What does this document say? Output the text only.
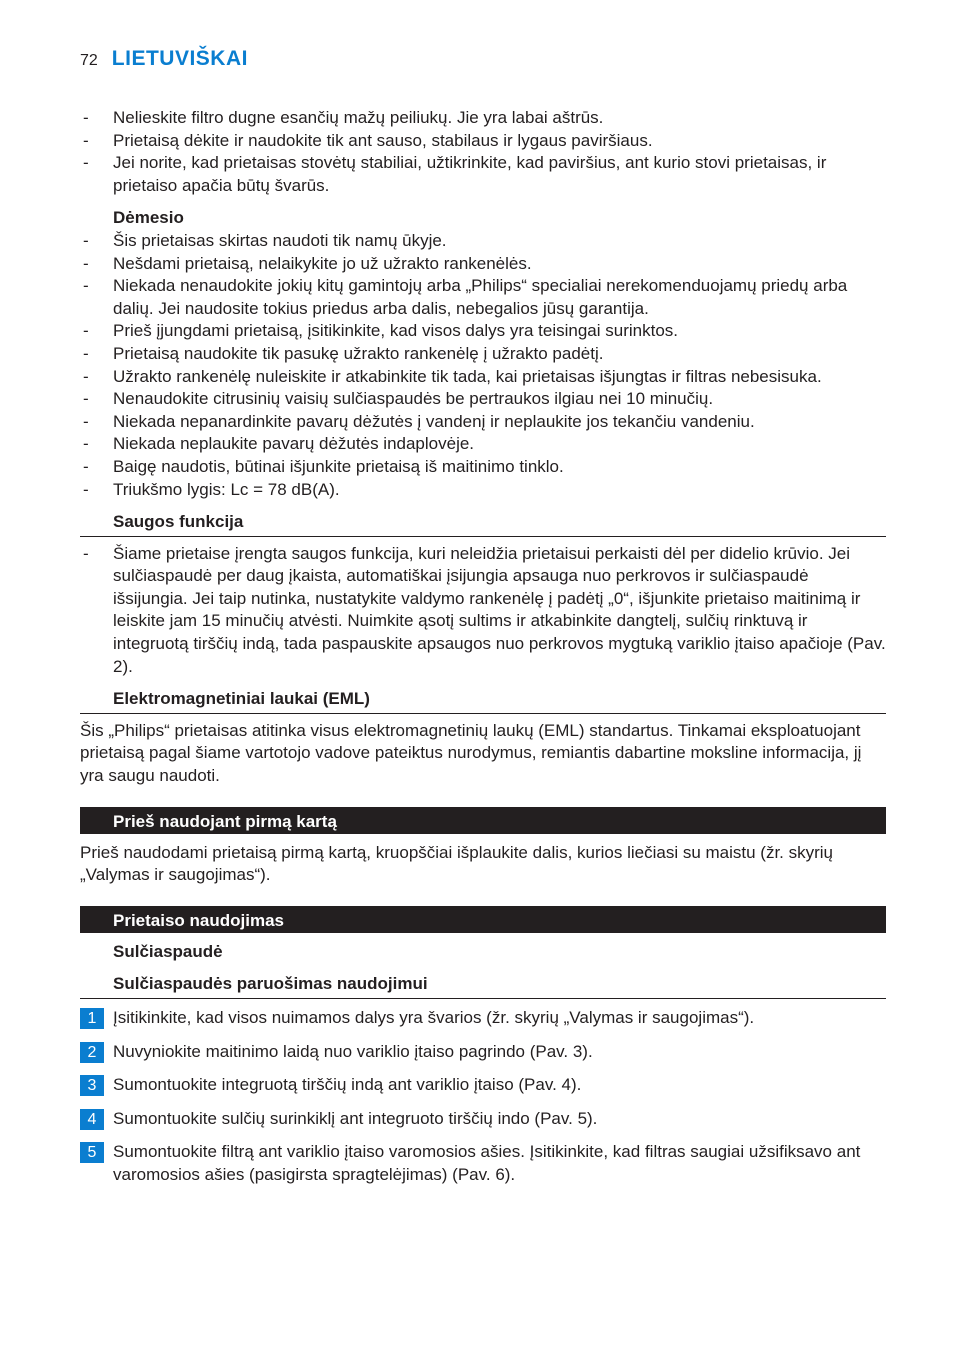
72 LIETUVIŠKAI
- Nelieskite filtro dugne esančių mažų peiliukų. Jie yra labai aštrūs.
- Prietaisą dėkite ir naudokite tik ant sauso, stabilaus ir lygaus paviršiaus.
- Jei norite, kad prietaisas stovėtų stabiliai, užtikrinkite, kad paviršius, ant kurio stovi prietaisas, ir prietaiso apačia būtų švarūs.
Dėmesio
- Šis prietaisas skirtas naudoti tik namų ūkyje.
- Nešdami prietaisą, nelaikykite jo už užrakto rankenėlės.
- Niekada nenaudokite jokių kitų gamintojų arba „Philips“ specialiai nerekomenduojamų priedų arba dalių. Jei naudosite tokius priedus arba dalis, nebegalios jūsų garantija.
- Prieš įjungdami prietaisą, įsitikinkite, kad visos dalys yra teisingai surinktos.
- Prietaisą naudokite tik pasukę užrakto rankenėlę į užrakto padėtį.
- Užrakto rankenėlę nuleiskite ir atkabinkite tik tada, kai prietaisas išjungtas ir filtras nebesisuka.
- Nenaudokite citrusinių vaisių sulčiaspaudės be pertraukos ilgiau nei 10 minučių.
- Niekada nepanardinkite pavarų dėžutės į vandenį ir neplaukite jos tekančiu vandeniu.
- Niekada neplaukite pavarų dėžutės indaplovėje.
- Baigę naudotis, būtinai išjunkite prietaisą iš maitinimo tinklo.
- Triukšmo lygis: Lc = 78 dB(A).
Saugos funkcija
- Šiame prietaise įrengta saugos funkcija, kuri neleidžia prietaisui perkaisti dėl per didelio krūvio. Jei sulčiaspaudė per daug įkaista, automatiškai įsijungia apsauga nuo perkrovos ir sulčiaspaudė išsijungia. Jei taip nutinka, nustatykite valdymo rankenėlę į padėtį „0“, išjunkite prietaiso maitinimą ir leiskite jam 15 minučių atvėsti. Nuimkite ąsotį sultims ir atkabinkite dangtelį, sulčių rinktuvą ir integruotą tirščių indą, tada paspauskite apsaugos nuo perkrovos mygtuką variklio įtaiso apačioje (Pav. 2).
Elektromagnetiniai laukai (EML)

Šis „Philips“ prietaisas atitinka visus elektromagnetinių laukų (EML) standartus. Tinkamai eksploatuojant prietaisą pagal šiame vartotojo vadove pateiktus nurodymus, remiantis dabartine moksline informacija, jį yra saugu naudoti.

Prieš naudojant pirmą kartą

Prieš naudodami prietaisą pirmą kartą, kruopščiai išplaukite dalis, kurios liečiasi su maistu (žr. skyrių „Valymas ir saugojimas“).

Prietaiso naudojimas
Sulčiaspaudė
Sulčiaspaudės paruošimas naudojimui
1 Įsitikinkite, kad visos nuimamos dalys yra švarios (žr. skyrių „Valymas ir saugojimas“).
2 Nuvyniokite maitinimo laidą nuo variklio įtaiso pagrindo (Pav. 3).
3 Sumontuokite integruotą tirščių indą ant variklio įtaiso (Pav. 4).
4 Sumontuokite sulčių surinkiklį ant integruoto tirščių indo (Pav. 5).
5 Sumontuokite filtrą ant variklio įtaiso varomosios ašies. Įsitikinkite, kad filtras saugiai užsifiksavo ant varomosios ašies (pasigirsta spragtelėjimas) (Pav. 6).
